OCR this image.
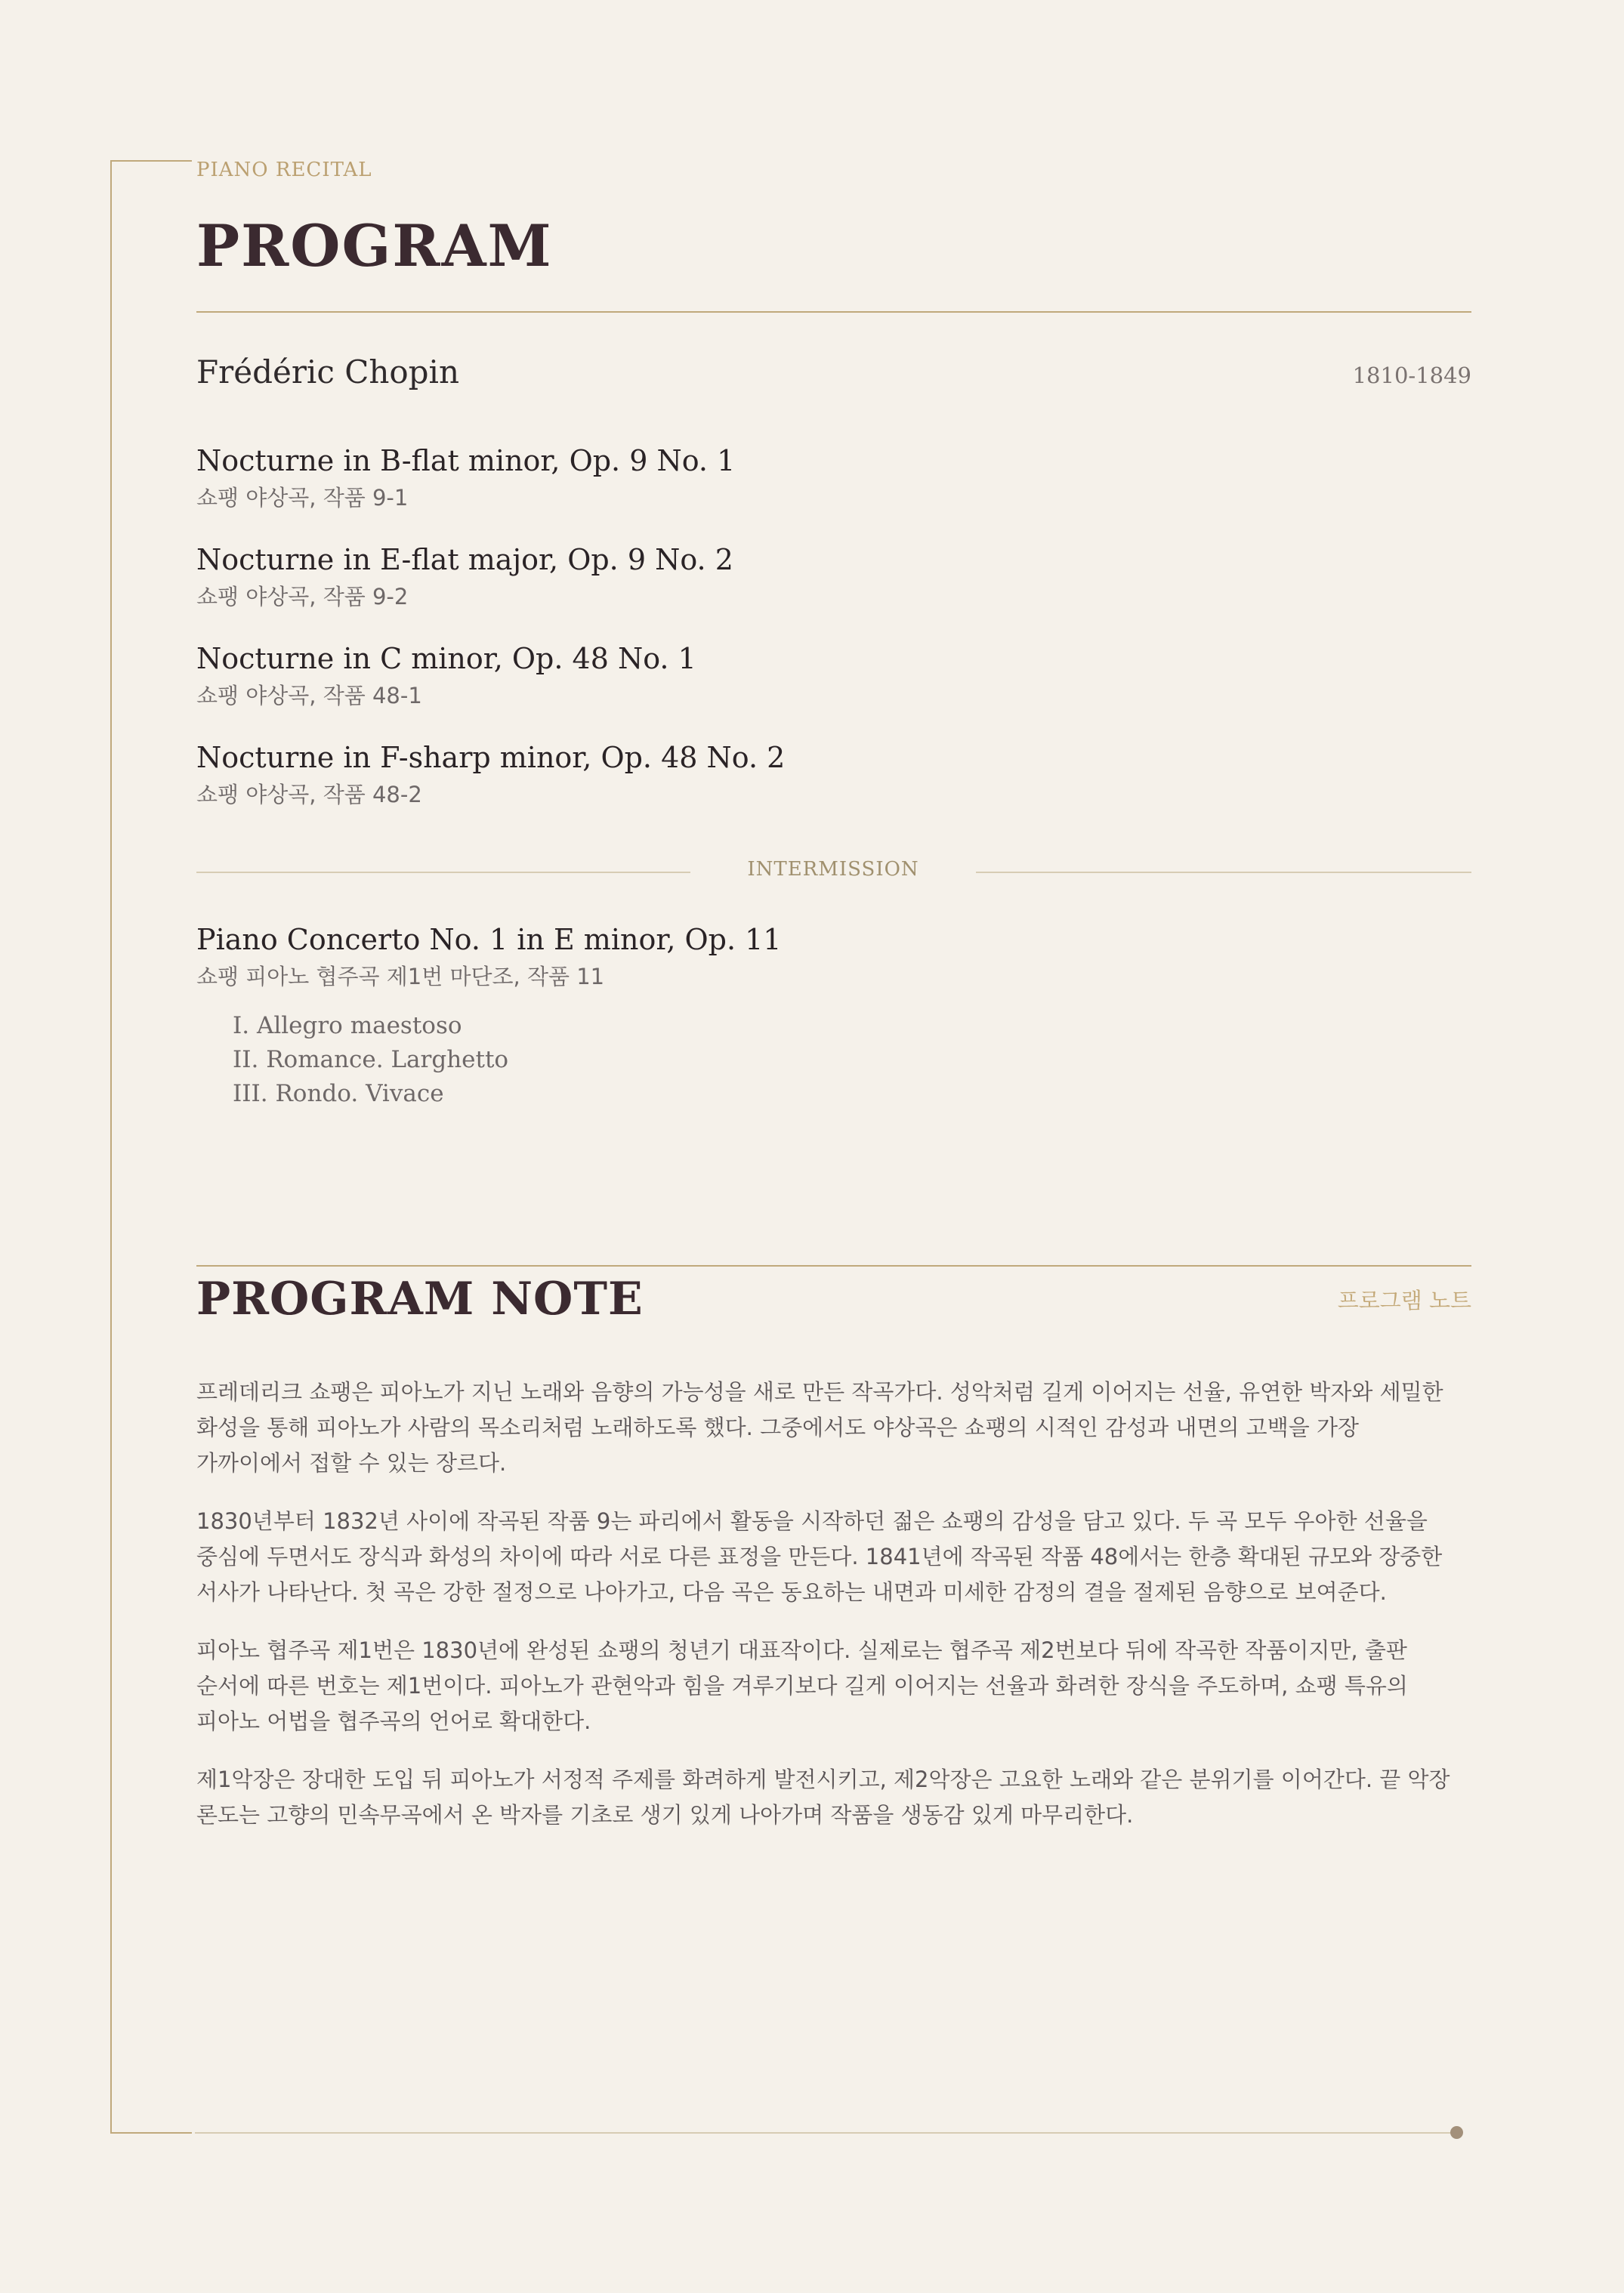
PIANO RECITAL
PROGRAM
Frédéric Chopin	1810-1849
Nocturne in B-flat minor, Op. 9 No. 1
쇼팽 야상곡, 작품 9-1
Nocturne in E-flat major, Op. 9 No. 2
쇼팽 야상곡, 작품 9-2
Nocturne in C minor, Op. 48 No. 1
쇼팽 야상곡, 작품 48-1
Nocturne in F-sharp minor, Op. 48 No. 2
쇼팽 야상곡, 작품 48-2
INTERMISSION
Piano Concerto No. 1 in E minor, Op. 11
쇼팽 피아노 협주곡 제1번 마단조, 작품 11
I. Allegro maestoso
II. Romance. Larghetto
III. Rondo. Vivace
PROGRAM NOTE	프로그램 노트

프레데리크 쇼팽은 피아노가 지닌 노래와 음향의 가능성을 새로 만든 작곡가다. 성악처럼 길게 이어지는 선율, 유연한 박자와 세밀한 화성을 통해 피아노가 사람의 목소리처럼 노래하도록 했다. 그중에서도 야상곡은 쇼팽의 시적인 감성과 내면의 고백을 가장 가까이에서 접할 수 있는 장르다.

1830년부터 1832년 사이에 작곡된 작품 9는 파리에서 활동을 시작하던 젊은 쇼팽의 감성을 담고 있다. 두 곡 모두 우아한 선율을 중심에 두면서도 장식과 화성의 차이에 따라 서로 다른 표정을 만든다. 1841년에 작곡된 작품 48에서는 한층 확대된 규모와 장중한 서사가 나타난다. 첫 곡은 강한 절정으로 나아가고, 다음 곡은 동요하는 내면과 미세한 감정의 결을 절제된 음향으로 보여준다.

피아노 협주곡 제1번은 1830년에 완성된 쇼팽의 청년기 대표작이다. 실제로는 협주곡 제2번보다 뒤에 작곡한 작품이지만, 출판 순서에 따른 번호는 제1번이다. 피아노가 관현악과 힘을 겨루기보다 길게 이어지는 선율과 화려한 장식을 주도하며, 쇼팽 특유의 피아노 어법을 협주곡의 언어로 확대한다.

제1악장은 장대한 도입 뒤 피아노가 서정적 주제를 화려하게 발전시키고, 제2악장은 고요한 노래와 같은 분위기를 이어간다. 끝 악장 론도는 고향의 민속무곡에서 온 박자를 기초로 생기 있게 나아가며 작품을 생동감 있게 마무리한다.
